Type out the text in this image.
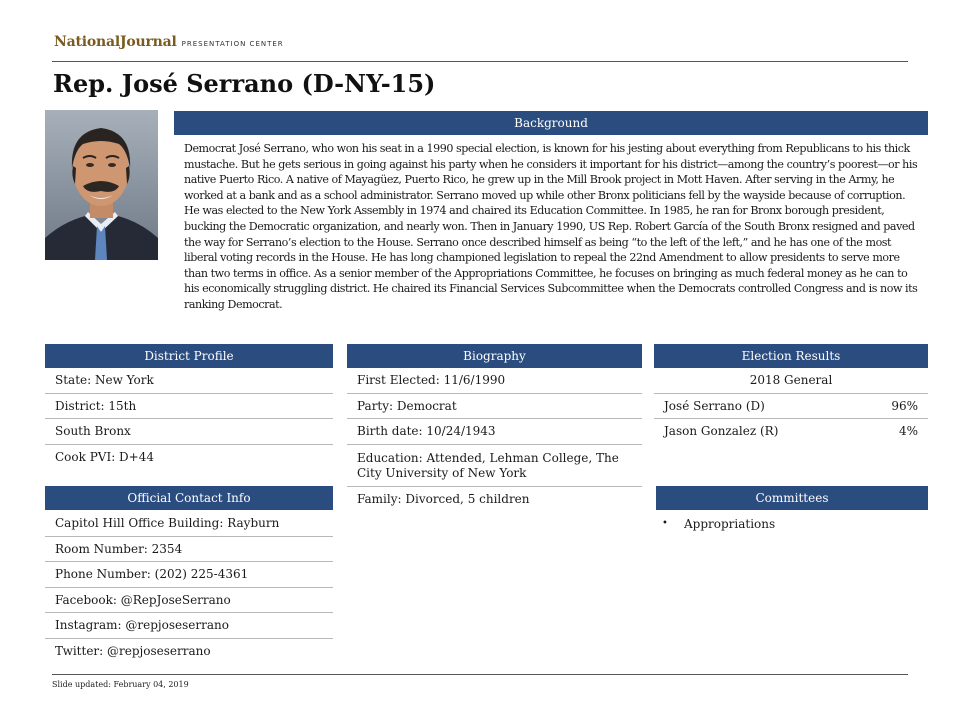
NationalJournal PRESENTATION CENTER
Rep. José Serrano (D-NY-15)
Background
Democrat José Serrano, who won his seat in a 1990 special election, is known for his jesting about everything from Republicans to his thick mustache. But he gets serious in going against his party when he considers it important for his district—among the country’s poorest—or his native Puerto Rico. A native of Mayagüez, Puerto Rico, he grew up in the Mill Brook project in Mott Haven. After serving in the Army, he worked at a bank and as a school administrator. Serrano moved up while other Bronx politicians fell by the wayside because of corruption. He was elected to the New York Assembly in 1974 and chaired its Education Committee. In 1985, he ran for Bronx borough president, bucking the Democratic organization, and nearly won. Then in January 1990, US Rep. Robert García of the South Bronx resigned and paved the way for Serrano’s election to the House. Serrano once described himself as being “to the left of the left,” and he has one of the most liberal voting records in the House. He has long championed legislation to repeal the 22nd Amendment to allow presidents to serve more than two terms in office. As a senior member of the Appropriations Committee, he focuses on bringing as much federal money as he can to his economically struggling district. He chaired its Financial Services Subcommittee when the Democrats controlled Congress and is now its ranking Democrat.
District Profile
State: New York
District: 15th
South Bronx
Cook PVI: D+44
Biography
First Elected: 11/6/1990
Party: Democrat
Birth date: 10/24/1943
Education: Attended, Lehman College, The City University of New York
Family: Divorced, 5 children
Election Results
2018 General
José Serrano (D)	96%
Jason Gonzalez (R)	4%
Official Contact Info
Capitol Hill Office Building: Rayburn
Room Number: 2354
Phone Number: (202) 225-4361
Facebook: @RepJoseSerrano
Instagram: @repjoseserrano
Twitter: @repjoseserrano
Committees
•	Appropriations
Slide updated: February 04, 2019
